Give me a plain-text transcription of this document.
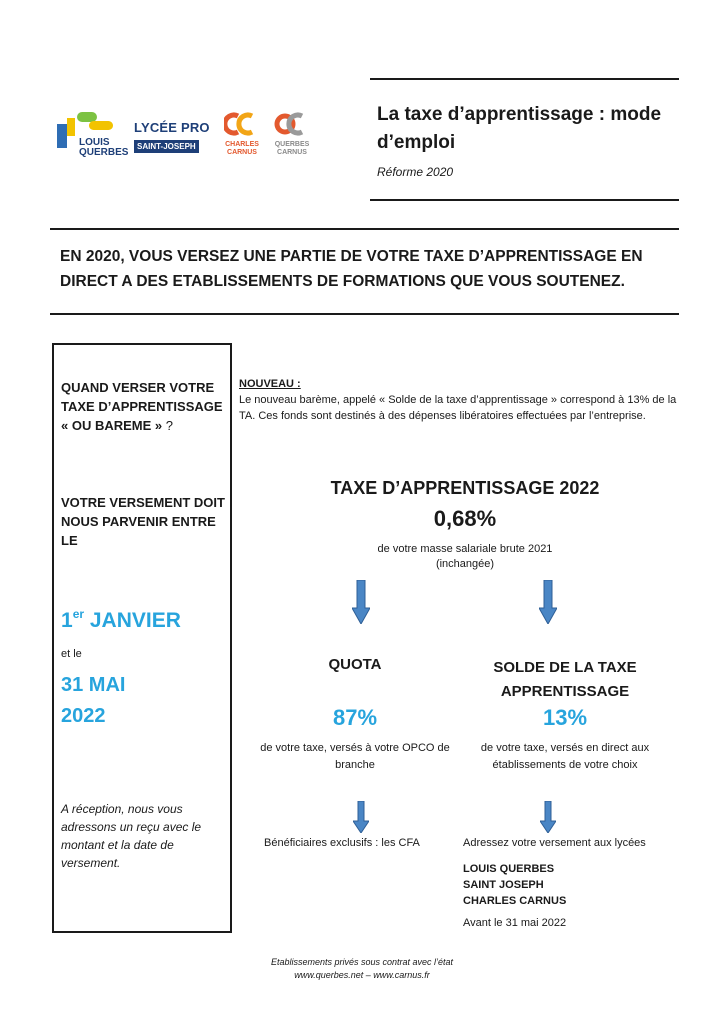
LOUIS
QUERBES
LYCÉE PRO
SAINT-JOSEPH	CHARLES
CARNUS
QUERBES
CARNUS
La taxe d’apprentissage : mode d’emploi
Réforme 2020
EN 2020, VOUS VERSEZ UNE PARTIE DE VOTRE TAXE D’APPRENTISSAGE EN DIRECT A DES ETABLISSEMENTS DE FORMATIONS QUE VOUS SOUTENEZ.
QUAND VERSER VOTRE TAXE D’APPRENTISSAGE « OU BAREME » ?
VOTRE VERSEMENT DOIT NOUS PARVENIR ENTRE LE
1er JANVIER
et le
31 MAI
2022
A réception, nous vous adressons un reçu avec le montant et la date de versement.
NOUVEAU :
Le nouveau barème, appelé « Solde de la taxe d’apprentissage » correspond à 13% de la TA. Ces fonds sont destinés à des dépenses libératoires effectuées par l’entreprise.
TAXE D’APPRENTISSAGE 2022
0,68%
de votre masse salariale brute 2021
(inchangée)
QUOTA	SOLDE DE LA TAXE APPRENTISSAGE
87%	13%
de votre taxe, versés à votre OPCO de branche
de votre taxe, versés en direct aux établissements de votre choix
Bénéficiaires exclusifs : les CFA	Adressez votre versement aux lycées
LOUIS QUERBES
SAINT JOSEPH
CHARLES CARNUS
Avant le 31 mai 2022
Etablissements privés sous contrat avec l’état
www.querbes.net – www.carnus.fr
